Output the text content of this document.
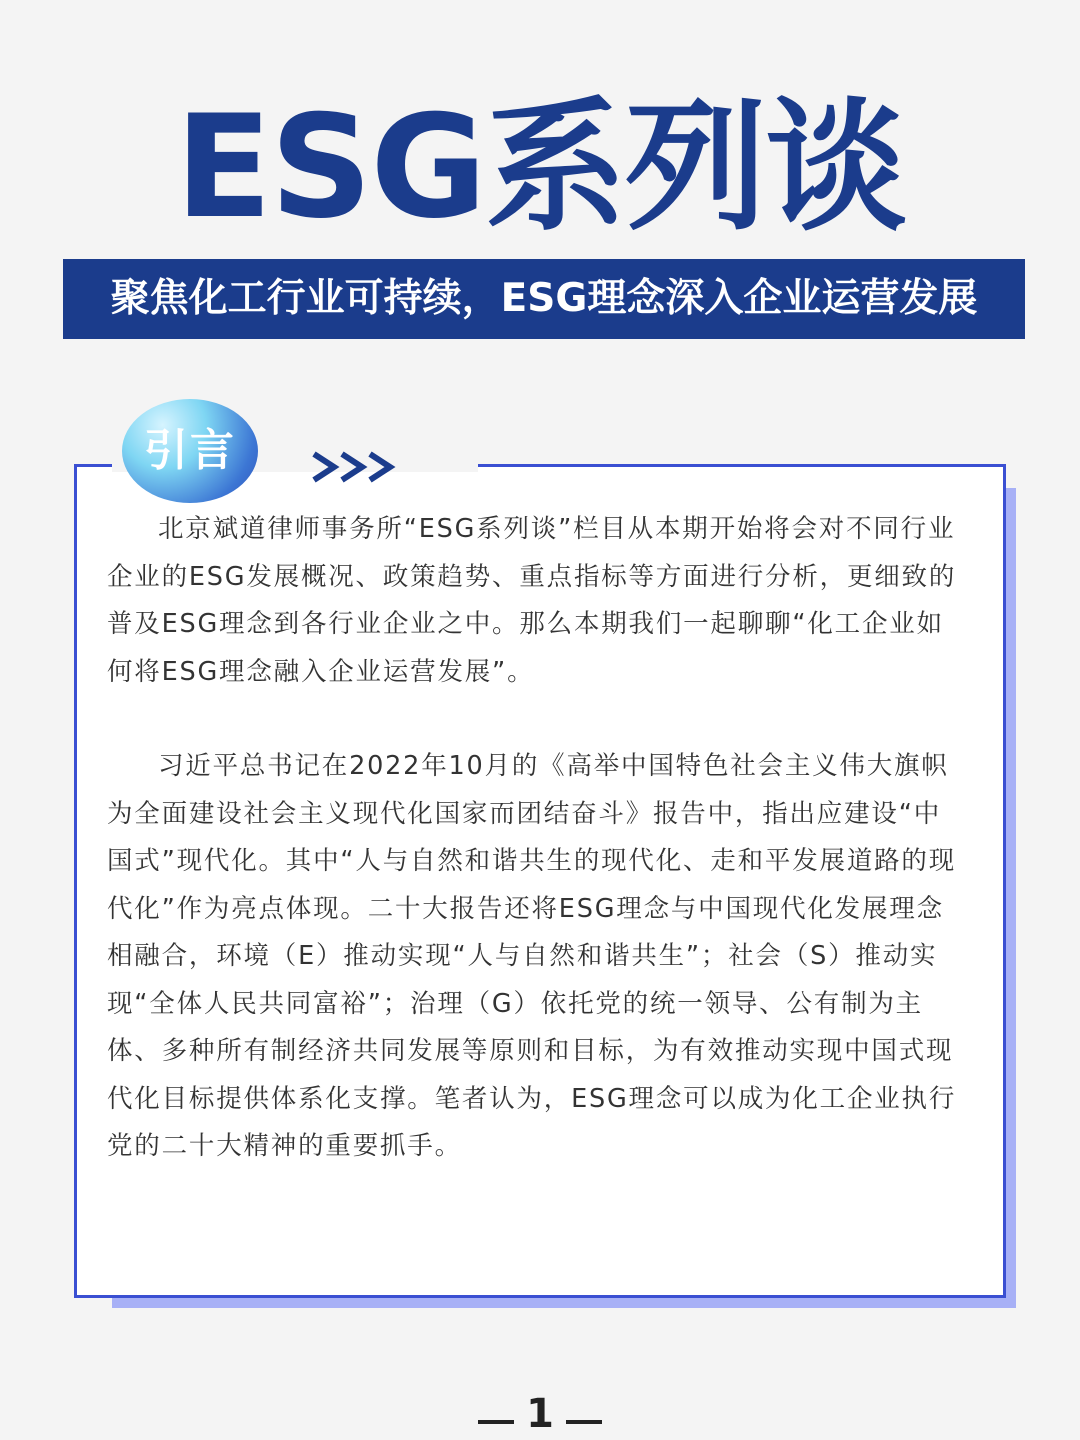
ESG系列谈
聚焦化工行业可持续，ESG理念深入企业运营发展
引言

北京斌道律师事务所“ESG系列谈”栏目从本期开始将会对不同行业企业的ESG发展概况、政策趋势、重点指标等方面进行分析，更细致的普及ESG理念到各行业企业之中。那么本期我们一起聊聊“化工企业如何将ESG理念融入企业运营发展”。

习近平总书记在2022年10月的《高举中国特色社会主义伟大旗帜为全面建设社会主义现代化国家而团结奋斗》报告中，指出应建设“中国式”现代化。其中“人与自然和谐共生的现代化、走和平发展道路的现代化”作为亮点体现。二十大报告还将ESG理念与中国现代化发展理念相融合，环境（E）推动实现“人与自然和谐共生”；社会（S）推动实现“全体人民共同富裕”；治理（G）依托党的统一领导、公有制为主体、多种所有制经济共同发展等原则和目标，为有效推动实现中国式现代化目标提供体系化支撑。笔者认为，ESG理念可以成为化工企业执行党的二十大精神的重要抓手。

1
